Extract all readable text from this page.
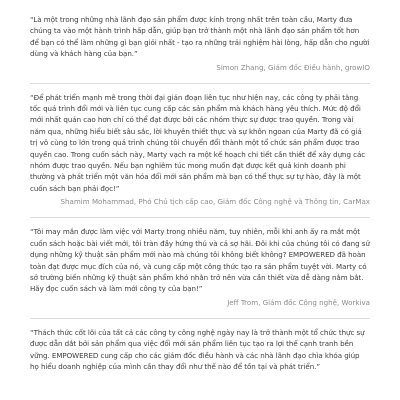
“Là một trong những nhà lãnh đạo sản phẩm được kính trọng nhất trên toàn cầu, Marty đưa chúng ta vào một hành trình hấp dẫn, giúp bạn trở thành một nhà lãnh đạo sản phẩm tốt hơn để bạn có thể làm những gì bạn giỏi nhất - tạo ra những trải nghiệm hài lòng, hấp dẫn cho người dùng và khách hàng của bạn.”

Simon Zhang, Giám đốc Điều hành, growIO

“Để phát triển mạnh mẽ trong thời đại gián đoạn liên tục như hiện nay, các công ty phải tăng tốc quá trình đổi mới và liên tục cung cấp các sản phẩm mà khách hàng yêu thích. Mức độ đổi mới nhất quán cao hơn chỉ có thể đạt được bởi các nhóm thực sự được trao quyền. Trong vài năm qua, những hiểu biết sâu sắc, lời khuyên thiết thực và sự khôn ngoan của Marty đã có giá trị vô cùng to lớn trong quá trình chúng tôi chuyển đổi thành một tổ chức sản phẩm được trao quyền cao. Trong cuốn sách này, Marty vạch ra một kế hoạch chi tiết cần thiết để xây dựng các nhóm được trao quyền. Nếu bạn nghiêm túc mong muốn đạt được kết quả kinh doanh phi thường và phát triển một văn hóa đổi mới sản phẩm mà bạn có thể thực sự tự hào, đây là một cuốn sách bạn phải đọc!”

Shamim Mohammad, Phó Chủ tịch cấp cao, Giám đốc Công nghệ và Thông tin, CarMax

“Tôi may mắn được làm việc với Marty trong nhiều năm, tuy nhiên, mỗi khi anh ấy ra mắt một cuốn sách hoặc bài viết mới, tôi tràn đầy hứng thú và cả sợ hãi. Đôi khi của chúng tôi có đang sử dụng những kỹ thuật sản phẩm mới nào mà chúng tôi không biết không? EMPOWERED đã hoàn toàn đạt được mục đích của nó, và cung cấp một công thức tạo ra sản phẩm tuyệt vời. Marty có sở trường biến những kỹ thuật sản phẩm khó nhằn trở nên vừa cần thiết vừa dễ dàng nắm bắt. Hãy đọc cuốn sách và làm mới công ty của bạn!”

Jeff Trom, Giám đốc Công nghệ, Workiva

“Thách thức cốt lõi của tất cả các công ty công nghệ ngày nay là trở thành một tổ chức thực sự được dẫn dắt bởi sản phẩm qua việc đổi mới sản phẩm liên tục tạo ra lợi thế cạnh tranh bền vững. EMPOWERED cung cấp cho các giám đốc điều hành và các nhà lãnh đạo chìa khóa giúp họ hiểu doanh nghiệp của mình cần thay đổi như thế nào để tồn tại và phát triển.”
